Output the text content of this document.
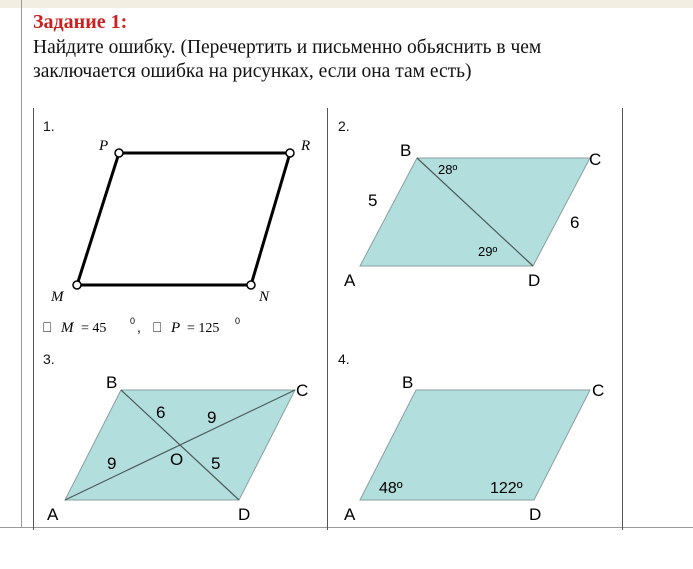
Задание 1:
Найдите ошибку. (Перечертить и письменно обьяснить в чем
заключается ошибка на рисунках, если она там есть)
1.
P	R
M	N
⎕ M = 45	0 , ⎕ P = 125 0
2.
B	C
A	D
28º
29º
5
6
3.
B	C
A	D
O
6 9
9	5
4.
B	C
A	D
48º	122º
